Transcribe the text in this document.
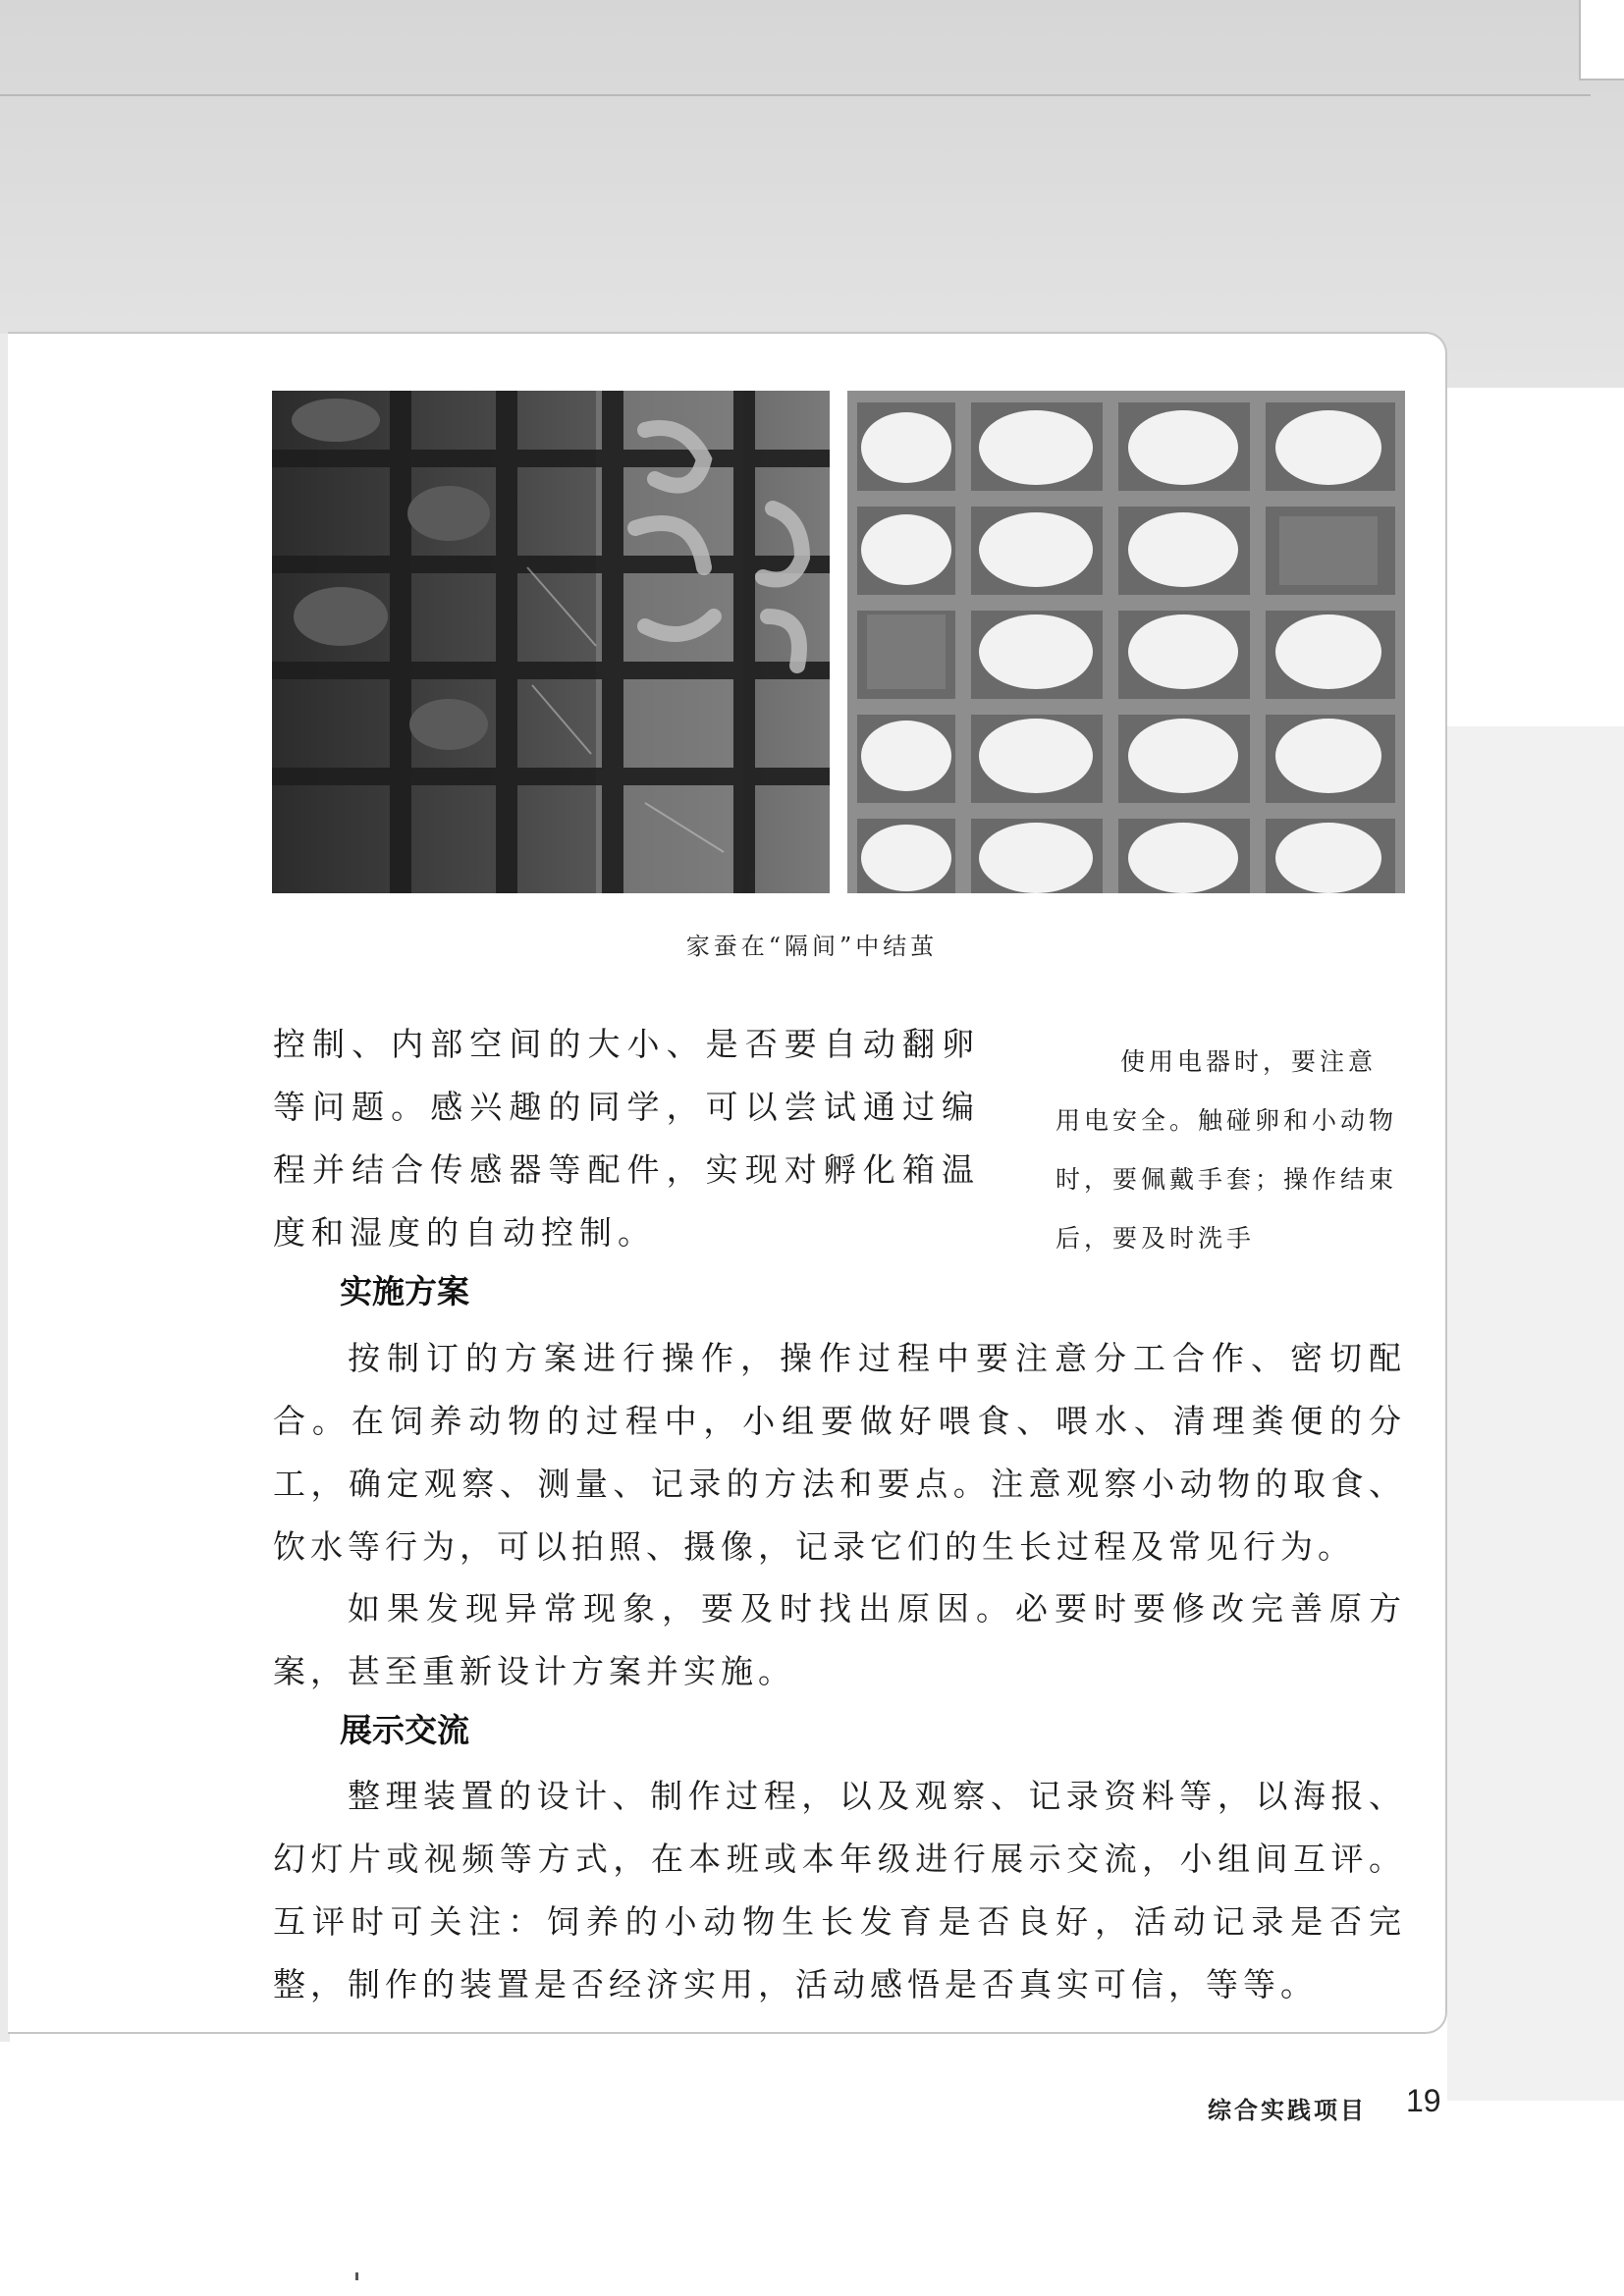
家蚕在“隔间”中结茧

控制、内部空间的大小、是否要自动翻卵等问题。感兴趣的同学，可以尝试通过编程并结合传感器等配件，实现对孵化箱温度和湿度的自动控制。

使用电器时，要注意用电安全。触碰卵和小动物时，要佩戴手套；操作结束后，要及时洗手

实施方案

按制订的方案进行操作，操作过程中要注意分工合作、密切配合。在饲养动物的过程中，小组要做好喂食、喂水、清理粪便的分工，确定观察、测量、记录的方法和要点。注意观察小动物的取食、饮水等行为，可以拍照、摄像，记录它们的生长过程及常见行为。

如果发现异常现象，要及时找出原因。必要时要修改完善原方案，甚至重新设计方案并实施。

展示交流

整理装置的设计、制作过程，以及观察、记录资料等，以海报、幻灯片或视频等方式，在本班或本年级进行展示交流，小组间互评。互评时可关注：饲养的小动物生长发育是否良好，活动记录是否完整，制作的装置是否经济实用，活动感悟是否真实可信，等等。

综合实践项目 19
